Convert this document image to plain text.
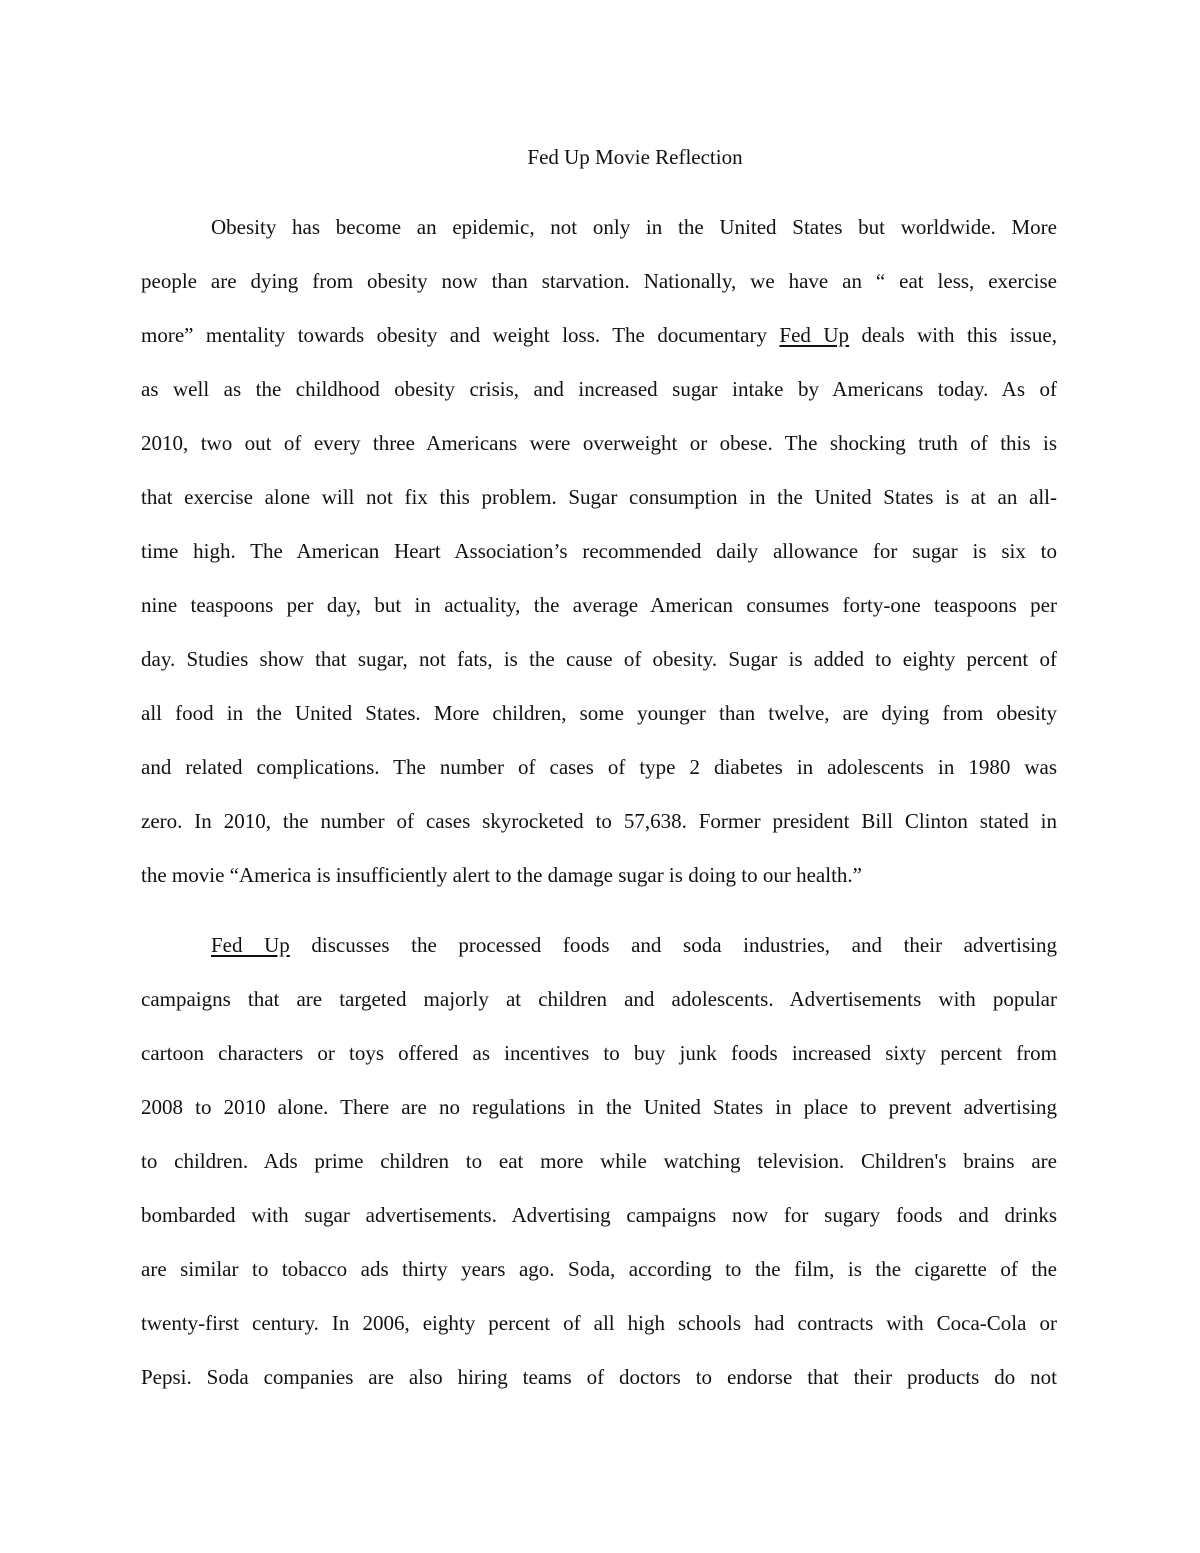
Fed Up Movie Reflection
Obesity has become an epidemic, not only in the United States but worldwide. More
people are dying from obesity now than starvation. Nationally, we have an “ eat less, exercise
more” mentality towards obesity and weight loss. The documentary Fed Up deals with this issue,
as well as the childhood obesity crisis, and increased sugar intake by Americans today. As of
2010, two out of every three Americans were overweight or obese. The shocking truth of this is
that exercise alone will not fix this problem. Sugar consumption in the United States is at an all-
time high. The American Heart Association’s recommended daily allowance for sugar is six to
nine teaspoons per day, but in actuality, the average American consumes forty-one teaspoons per
day. Studies show that sugar, not fats, is the cause of obesity. Sugar is added to eighty percent of
all food in the United States. More children, some younger than twelve, are dying from obesity
and related complications. The number of cases of type 2 diabetes in adolescents in 1980 was
zero. In 2010, the number of cases skyrocketed to 57,638. Former president Bill Clinton stated in
the movie “America is insufficiently alert to the damage sugar is doing to our health.”
Fed Up discusses the processed foods and soda industries, and their advertising
campaigns that are targeted majorly at children and adolescents. Advertisements with popular
cartoon characters or toys offered as incentives to buy junk foods increased sixty percent from
2008 to 2010 alone. There are no regulations in the United States in place to prevent advertising
to children. Ads prime children to eat more while watching television. Children's brains are
bombarded with sugar advertisements. Advertising campaigns now for sugary foods and drinks
are similar to tobacco ads thirty years ago. Soda, according to the film, is the cigarette of the
twenty-first century. In 2006, eighty percent of all high schools had contracts with Coca-Cola or
Pepsi. Soda companies are also hiring teams of doctors to endorse that their products do not
